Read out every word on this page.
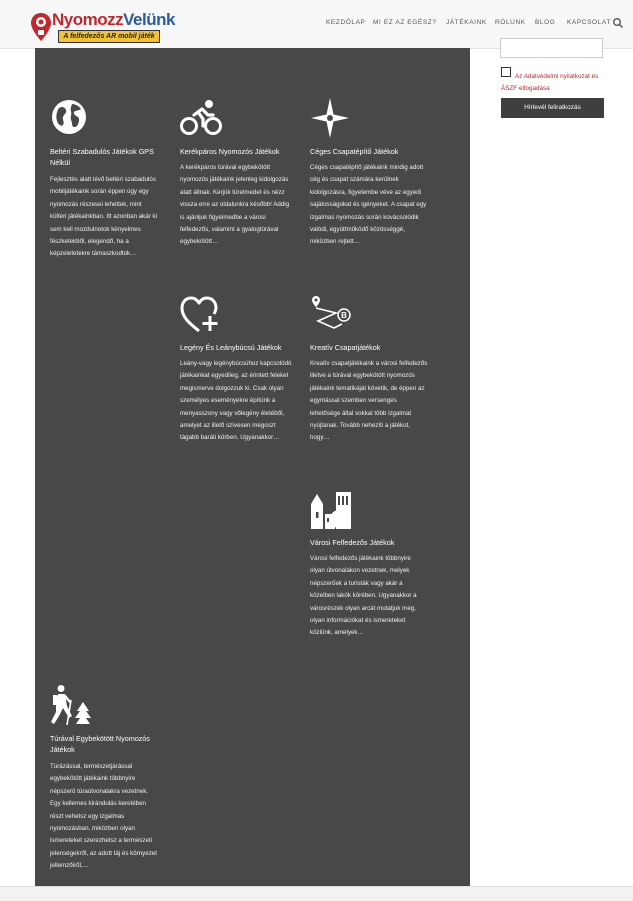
NyomozzVelünk
A felfedezős AR mobil játék
KEZDŐLAP MI EZ AZ EGÉSZ? JÁTÉKAINK RÓLUNK BLOG KAPCSOLAT
Beltéri Szabadulós Játékok GPS Nélkül
Fejlesztés alatt lévő beltéri szabadulós mobiljátékaink során éppen úgy egy nyomozás részesei lehettek, mint kültéri játékainkban. Itt azonban akár ki sem kell mozdulnotok kényelmes fészketekből, elegendő, ha a képzeletetekre támaszkodtok…
Kerékpáros Nyomozós Játékok
A kerékpáros túrával egybekötött nyomozós játékaink jelenleg kidolgozás alatt állnak. Kérjük türelmedet és nézz vissza erre az oldalunkra később! Addig is ajánljuk figyelmedbe a városi felfedezős, valamint a gyalogtúrával egybekötött…
Céges Csapatépítő Játékok
Céges csapatépítő játékaink mindig adott cég és csapat számára kerülnek kidolgozásra, figyelembe véve az egyedi sajátosságokat és igényeket. A csapat egy izgalmas nyomozás során kovácsolódik valódi, együttműködő közösséggé, miközben rejtett…
Legény És Leánybúcsú Játékok
Leány-vagy legénybúcsúhoz kapcsolódó játékainkat egyedileg, az érintett feleket megismerve dolgozzuk ki. Csak olyan személyes eseményekre építünk a menyasszony vagy vőlegény életéből, amelyet az illető szívesen megoszt tágabb baráti körben. Ugyanakkor…
B
Kreatív Csapatjátékok
Kreatív csapatjátékaink a városi felfedezős illetve a túrával egybekötött nyomozós játékaink tematikáját követik, de éppen az egymással szemben versengés lehetősége által sokkal több izgalmat nyújtanak. Tovább nehezíti a játékot, hogy…
Városi Felfedezős Játékok
Városi felfedezős játékaink többnyire olyan útvonalakon vezetnek, melyek népszerűek a turisták vagy akár a közelben lakók körében. Ugyanakkor a városrészek olyan arcát mutatjuk meg, olyan információkat és ismereteket közlünk, amelyek…
Túrával Egybekötött Nyomozós Játékok
Túrázással, természetjárással egybekötött játékaink többnyire népszerű túraútvonalakra vezetnek. Egy kellemes kirándulás keretében részt vehetsz egy izgalmas nyomozásban, miközben olyan ismereteket szerezhetsz a természeti jelenségekről, az adott táj és környezet jellemzőiről,…
Az Adatvédelmi nyilatkozat és ÁSZF elfogadása
Hírlevél feliratkozás
